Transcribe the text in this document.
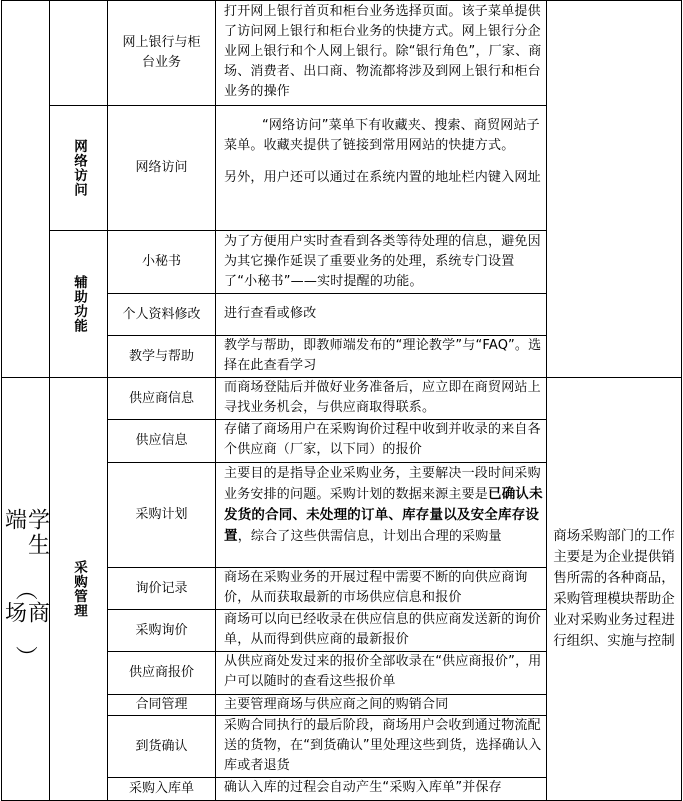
网络访问
辅助功能
学生端
（
商场
）
采购管理
网上银行与柜台业务
网络访问
小秘书
个人资料修改
教学与帮助
供应商信息
供应信息
采购计划
询价记录
采购询价
供应商报价
合同管理
到货确认
采购入库单
打开网上银行首页和柜台业务选择页面。该子菜单提供了访问网上银行和柜台业务的快捷方式。网上银行分企业网上银行和个人网上银行。除“银行角色”，厂家、商场、消费者、出口商、物流都将涉及到网上银行和柜台业务的操作

“网络访问”菜单下有收藏夹、搜索、商贸网站子菜单。收藏夹提供了链接到常用网站的快捷方式。

另外，用户还可以通过在系统内置的地址栏内键入网址

为了方便用户实时查看到各类等待处理的信息，避免因为其它操作延误了重要业务的处理，系统专门设置了“小秘书”——实时提醒的功能。
进行查看或修改
教学与帮助，即教师端发布的“理论教学”与“FAQ”。选择在此查看学习
而商场登陆后并做好业务准备后，应立即在商贸网站上寻找业务机会，与供应商取得联系。
存储了商场用户在采购询价过程中收到并收录的来自各个供应商（厂家，以下同）的报价
主要目的是指导企业采购业务，主要解决一段时间采购业务安排的问题。采购计划的数据来源主要是已确认未发货的合同、未处理的订单、库存量以及安全库存设置，综合了这些供需信息，计划出合理的采购量
商场在采购业务的开展过程中需要不断的向供应商询价，从而获取最新的市场供应信息和报价
商场可以向已经收录在供应信息的供应商发送新的询价单，从而得到供应商的最新报价
从供应商处发过来的报价全部收录在“供应商报价”，用户可以随时的查看这些报价单
主要管理商场与供应商之间的购销合同
采购合同执行的最后阶段，商场用户会收到通过物流配送的货物，在“到货确认”里处理这些到货，选择确认入库或者退货
确认入库的过程会自动产生“采购入库单”并保存
商场采购部门的工作主要是为企业提供销售所需的各种商品，采购管理模块帮助企业对采购业务过程进行组织、实施与控制
